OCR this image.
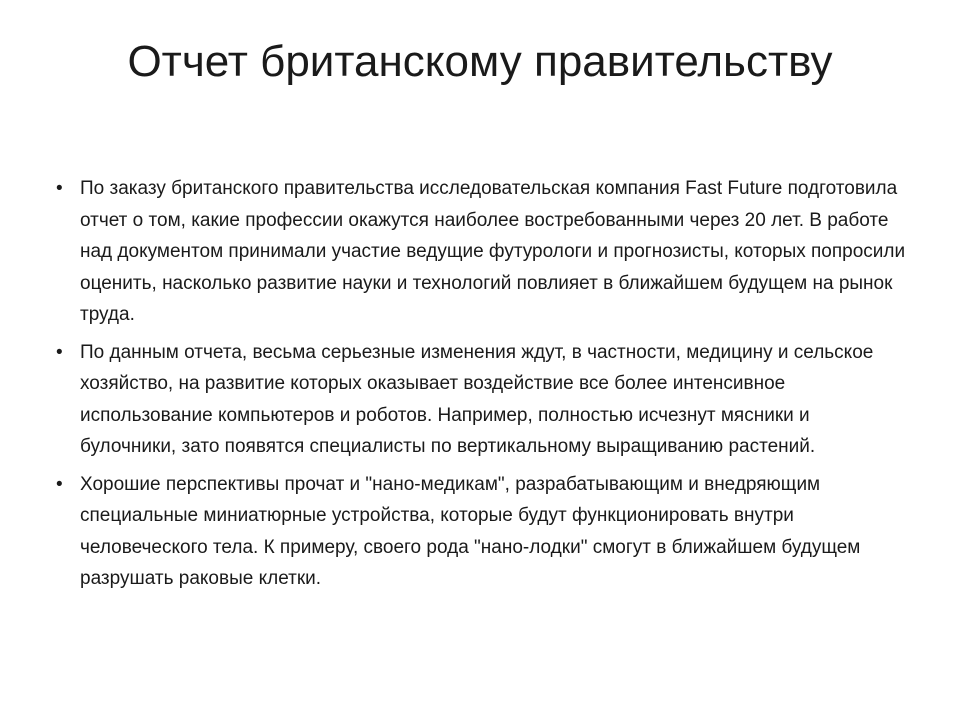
Отчет британскому правительству
• По заказу британского правительства исследовательская компания Fast Future подготовила отчет о том, какие профессии окажутся наиболее востребованными через 20 лет. В работе над документом принимали участие ведущие футурологи и прогнозисты, которых попросили оценить, насколько развитие науки и технологий повлияет в ближайшем будущем на рынок труда.
• По данным отчета, весьма серьезные изменения ждут, в частности, медицину и сельское хозяйство, на развитие которых оказывает воздействие все более интенсивное использование компьютеров и роботов. Например, полностью исчезнут мясники и булочники, зато появятся специалисты по вертикальному выращиванию растений.
• Хорошие перспективы прочат и "нано-медикам", разрабатывающим и внедряющим специальные миниатюрные устройства, которые будут функционировать внутри человеческого тела. К примеру, своего рода "нано-лодки" смогут в ближайшем будущем разрушать раковые клетки.
